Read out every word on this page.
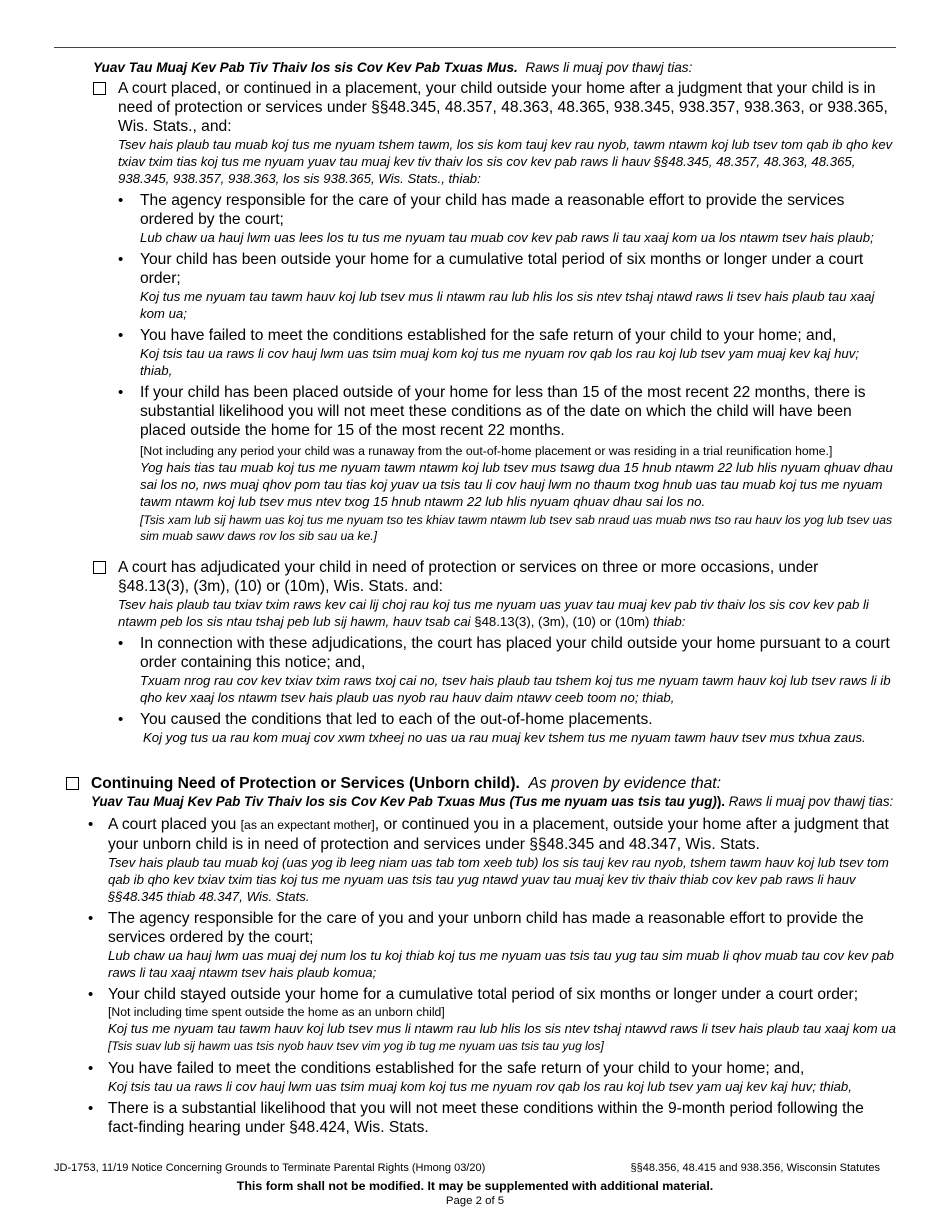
Yuav Tau Muaj Kev Pab Tiv Thaiv los sis Cov Kev Pab Txuas Mus. Raws li muaj pov thawj tias:
A court placed, or continued in a placement, your child outside your home after a judgment that your child is in need of protection or services under §§48.345, 48.357, 48.363, 48.365, 938.345, 938.357, 938.363, or 938.365, Wis. Stats., and:
Tsev hais plaub tau muab koj tus me nyuam tshem tawm, los sis kom tauj kev rau nyob, tawm ntawm koj lub tsev tom qab ib qho kev txiav txim tias koj tus me nyuam yuav tau muaj kev tiv thaiv los sis cov kev pab raws li hauv §§48.345, 48.357, 48.363, 48.365, 938.345, 938.357, 938.363, los sis 938.365, Wis. Stats., thiab:
• The agency responsible for the care of your child has made a reasonable effort to provide the services ordered by the court;
Lub chaw ua hauj lwm uas lees los tu tus me nyuam tau muab cov kev pab raws li tau xaaj kom ua los ntawm tsev hais plaub;
• Your child has been outside your home for a cumulative total period of six months or longer under a court order;
Koj tus me nyuam tau tawm hauv koj lub tsev mus li ntawm rau lub hlis los sis ntev tshaj ntawd raws li tsev hais plaub tau xaaj kom ua;
• You have failed to meet the conditions established for the safe return of your child to your home; and,
Koj tsis tau ua raws li cov hauj lwm uas tsim muaj kom koj tus me nyuam rov qab los rau koj lub tsev yam muaj kev kaj huv; thiab,
• If your child has been placed outside of your home for less than 15 of the most recent 22 months, there is substantial likelihood you will not meet these conditions as of the date on which the child will have been placed outside the home for 15 of the most recent 22 months.
[Not including any period your child was a runaway from the out-of-home placement or was residing in a trial reunification home.]
Yog hais tias tau muab koj tus me nyuam tawm ntawm koj lub tsev mus tsawg dua 15 hnub ntawm 22 lub hlis nyuam qhuav dhau sai los no, nws muaj qhov pom tau tias koj yuav ua tsis tau li cov hauj lwm no thaum txog hnub uas tau muab koj tus me nyuam tawm ntawm koj lub tsev mus ntev txog 15 hnub ntawm 22 lub hlis nyuam qhuav dhau sai los no.
[Tsis xam lub sij hawm uas koj tus me nyuam tso tes khiav tawm ntawm lub tsev sab nraud uas muab nws tso rau hauv los yog lub tsev uas sim muab sawv daws rov los sib sau ua ke.]
A court has adjudicated your child in need of protection or services on three or more occasions, under §48.13(3), (3m), (10) or (10m), Wis. Stats. and:
Tsev hais plaub tau txiav txim raws kev cai lij choj rau koj tus me nyuam uas yuav tau muaj kev pab tiv thaiv los sis cov kev pab li ntawm peb los sis ntau tshaj peb lub sij hawm, hauv tsab cai §48.13(3), (3m), (10) or (10m) thiab:
• In connection with these adjudications, the court has placed your child outside your home pursuant to a court order containing this notice; and,
Txuam nrog rau cov kev txiav txim raws txoj cai no, tsev hais plaub tau tshem koj tus me nyuam tawm hauv koj lub tsev raws li ib qho kev xaaj los ntawm tsev hais plaub uas nyob rau hauv daim ntawv ceeb toom no; thiab,
• You caused the conditions that led to each of the out-of-home placements.
Koj yog tus ua rau kom muaj cov xwm txheej no uas ua rau muaj kev tshem tus me nyuam tawm hauv tsev mus txhua zaus.
Continuing Need of Protection or Services (Unborn child). As proven by evidence that:
Yuav Tau Muaj Kev Pab Tiv Thaiv los sis Cov Kev Pab Txuas Mus (Tus me nyuam uas tsis tau yug)). Raws li muaj pov thawj tias:
• A court placed you [as an expectant mother], or continued you in a placement, outside your home after a judgment that your unborn child is in need of protection and services under §§48.345 and 48.347, Wis. Stats.
Tsev hais plaub tau muab koj (uas yog ib leeg niam uas tab tom xeeb tub) los sis tauj kev rau nyob, tshem tawm hauv koj lub tsev tom qab ib qho kev txiav txim tias koj tus me nyuam uas tsis tau yug ntawd yuav tau muaj kev tiv thaiv thiab cov kev pab raws li hauv §§48.345 thiab 48.347, Wis. Stats.
• The agency responsible for the care of you and your unborn child has made a reasonable effort to provide the services ordered by the court;
Lub chaw ua hauj lwm uas muaj dej num los tu koj thiab koj tus me nyuam uas tsis tau yug tau sim muab li qhov muab tau cov kev pab raws li tau xaaj ntawm tsev hais plaub komua;
• Your child stayed outside your home for a cumulative total period of six months or longer under a court order;
[Not including time spent outside the home as an unborn child]
Koj tus me nyuam tau tawm hauv koj lub tsev mus li ntawm rau lub hlis los sis ntev tshaj ntawvd raws li tsev hais plaub tau xaaj kom ua [Tsis suav lub sij hawm uas tsis nyob hauv tsev vim yog ib tug me nyuam uas tsis tau yug los]
• You have failed to meet the conditions established for the safe return of your child to your home; and,
Koj tsis tau ua raws li cov hauj lwm uas tsim muaj kom koj tus me nyuam rov qab los rau koj lub tsev yam uaj kev kaj huv; thiab,
• There is a substantial likelihood that you will not meet these conditions within the 9-month period following the fact-finding hearing under §48.424, Wis. Stats.
JD-1753, 11/19 Notice Concerning Grounds to Terminate Parental Rights (Hmong 03/20)	§§48.356, 48.415 and 938.356, Wisconsin Statutes
This form shall not be modified. It may be supplemented with additional material.
Page 2 of 5
